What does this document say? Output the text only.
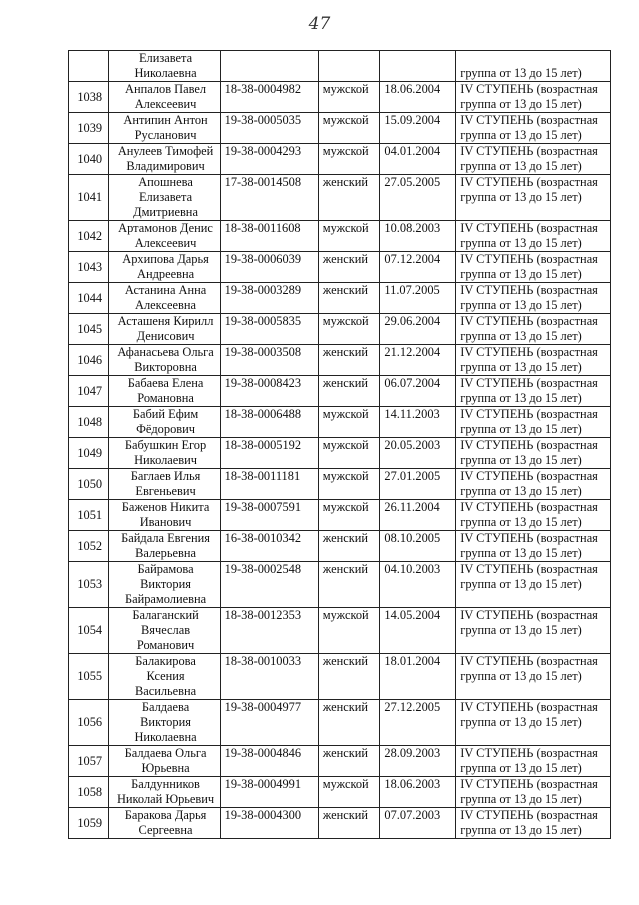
47

	Елизавета
Николаевна				группа от 13 до 15 лет)

1038	Анпалов Павел
Алексеевич	18-38-0004982	мужской	18.06.2004	IV СТУПЕНЬ (возрастная
группа от 13 до 15 лет)

1039	Антипин Антон
Русланович	19-38-0005035	мужской	15.09.2004	IV СТУПЕНЬ (возрастная
группа от 13 до 15 лет)

1040	Анулеев Тимофей
Владимирович	19-38-0004293	мужской	04.01.2004	IV СТУПЕНЬ (возрастная
группа от 13 до 15 лет)

1041	Апошнева
Елизавета
Дмитриевна	17-38-0014508	женский	27.05.2005	IV СТУПЕНЬ (возрастная
группа от 13 до 15 лет)

1042	Артамонов Денис
Алексеевич	18-38-0011608	мужской	10.08.2003	IV СТУПЕНЬ (возрастная
группа от 13 до 15 лет)

1043	Архипова Дарья
Андреевна	19-38-0006039	женский	07.12.2004	IV СТУПЕНЬ (возрастная
группа от 13 до 15 лет)

1044	Астанина Анна
Алексеевна	19-38-0003289	женский	11.07.2005	IV СТУПЕНЬ (возрастная
группа от 13 до 15 лет)

1045	Асташеня Кирилл
Денисович	19-38-0005835	мужской	29.06.2004	IV СТУПЕНЬ (возрастная
группа от 13 до 15 лет)

1046	Афанасьева Ольга
Викторовна	19-38-0003508	женский	21.12.2004	IV СТУПЕНЬ (возрастная
группа от 13 до 15 лет)

1047	Бабаева Елена
Романовна	19-38-0008423	женский	06.07.2004	IV СТУПЕНЬ (возрастная
группа от 13 до 15 лет)

1048	Бабий Ефим
Фёдорович	18-38-0006488	мужской	14.11.2003	IV СТУПЕНЬ (возрастная
группа от 13 до 15 лет)

1049	Бабушкин Егор
Николаевич	18-38-0005192	мужской	20.05.2003	IV СТУПЕНЬ (возрастная
группа от 13 до 15 лет)

1050	Баглаев Илья
Евгеньевич	18-38-0011181	мужской	27.01.2005	IV СТУПЕНЬ (возрастная
группа от 13 до 15 лет)

1051	Баженов Никита
Иванович	19-38-0007591	мужской	26.11.2004	IV СТУПЕНЬ (возрастная
группа от 13 до 15 лет)

1052	Байдала Евгения
Валерьевна	16-38-0010342	женский	08.10.2005	IV СТУПЕНЬ (возрастная
группа от 13 до 15 лет)

1053	Байрамова
Виктория
Байрамолиевна	19-38-0002548	женский	04.10.2003	IV СТУПЕНЬ (возрастная
группа от 13 до 15 лет)

1054	Балаганский
Вячеслав
Романович	18-38-0012353	мужской	14.05.2004	IV СТУПЕНЬ (возрастная
группа от 13 до 15 лет)

1055	Балакирова
Ксения
Васильевна	18-38-0010033	женский	18.01.2004	IV СТУПЕНЬ (возрастная
группа от 13 до 15 лет)

1056	Балдаева
Виктория
Николаевна	19-38-0004977	женский	27.12.2005	IV СТУПЕНЬ (возрастная
группа от 13 до 15 лет)

1057	Балдаева Ольга
Юрьевна	19-38-0004846	женский	28.09.2003	IV СТУПЕНЬ (возрастная
группа от 13 до 15 лет)

1058	Балдунников
Николай Юрьевич	19-38-0004991	мужской	18.06.2003	IV СТУПЕНЬ (возрастная
группа от 13 до 15 лет)

1059	Баракова Дарья
Сергеевна	19-38-0004300	женский	07.07.2003	IV СТУПЕНЬ (возрастная
группа от 13 до 15 лет)
